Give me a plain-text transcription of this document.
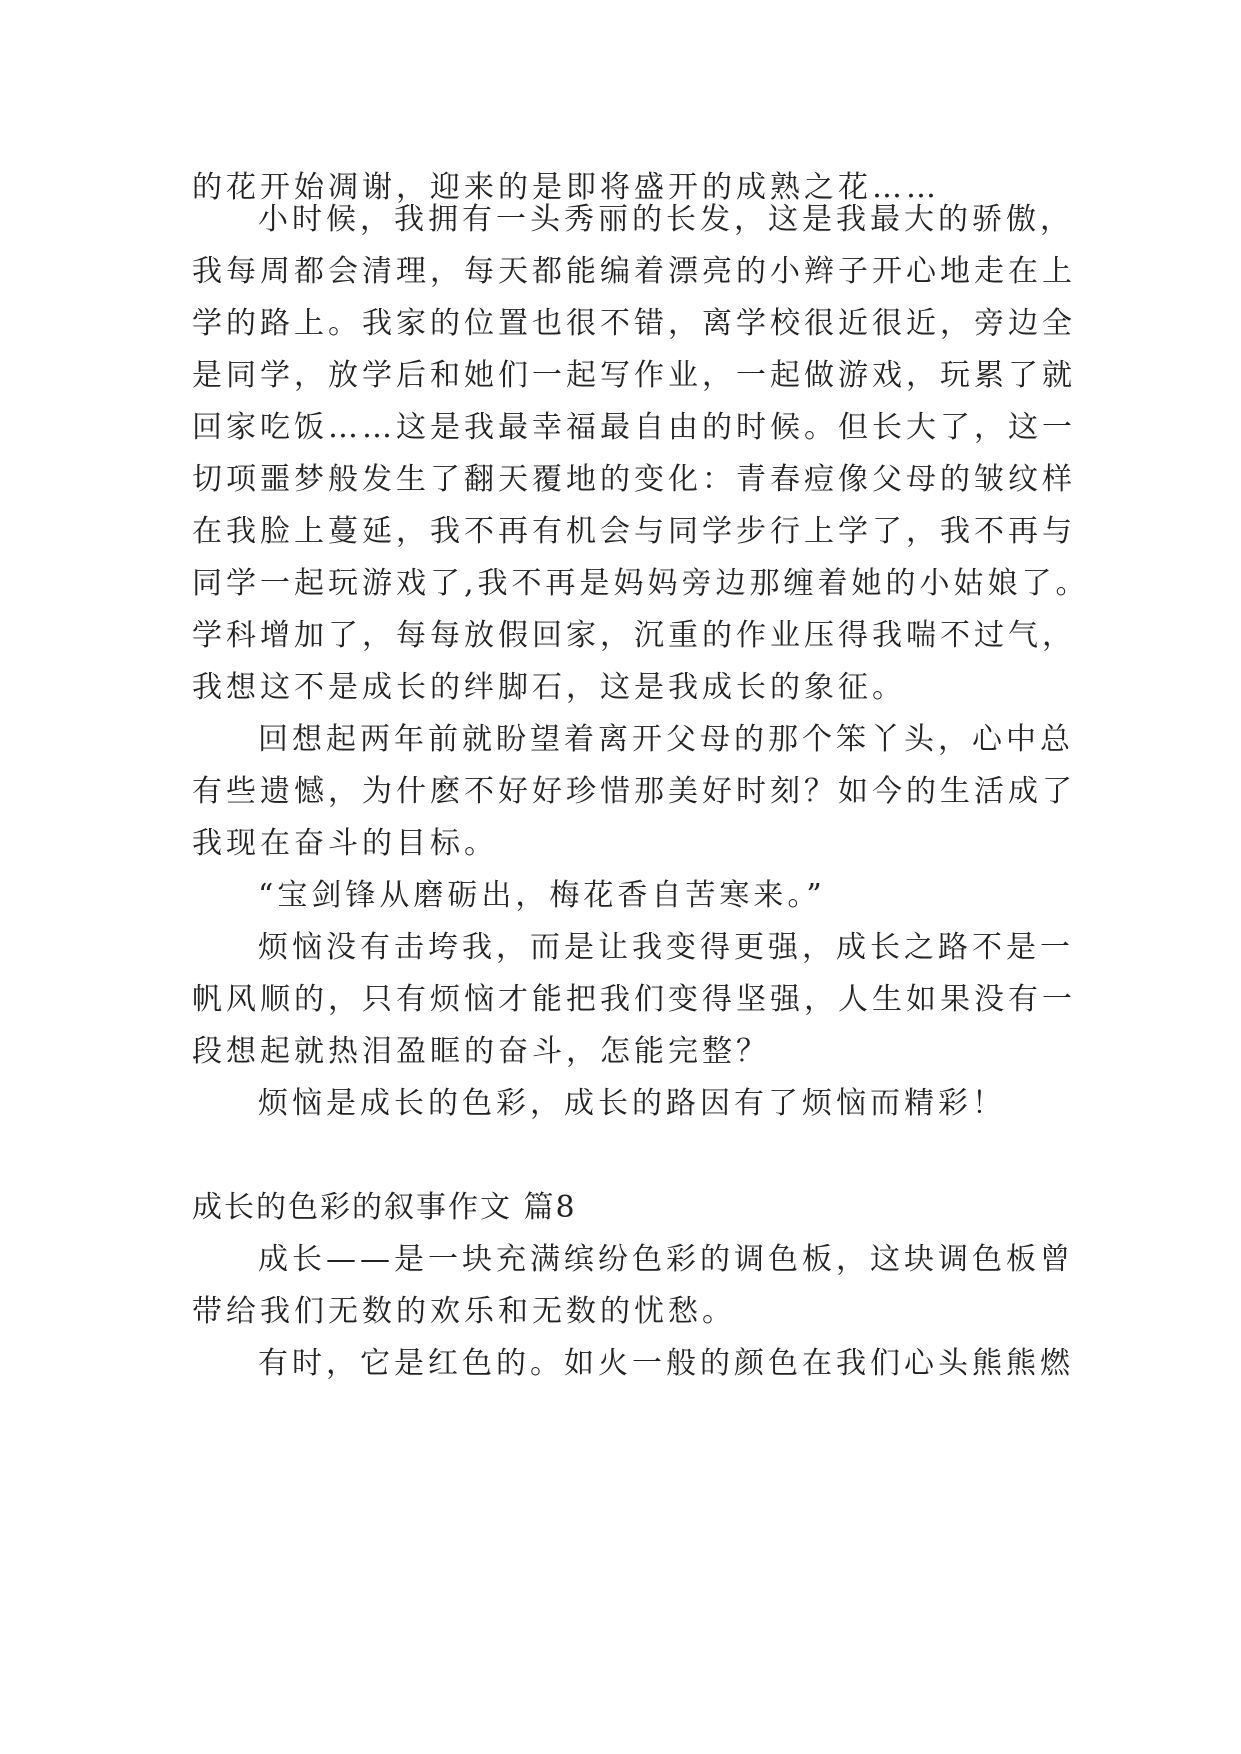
的花开始凋谢，迎来的是即将盛开的成熟之花……
小时候，我拥有一头秀丽的长发，这是我最大的骄傲，
我每周都会清理，每天都能编着漂亮的小辫子开心地走在上
学的路上。我家的位置也很不错，离学校很近很近，旁边全
是同学，放学后和她们一起写作业，一起做游戏，玩累了就
回家吃饭……这是我最幸福最自由的时候。但长大了，这一
切项噩梦般发生了翻天覆地的变化：青春痘像父母的皱纹样
在我脸上蔓延，我不再有机会与同学步行上学了，我不再与
同学一起玩游戏了,我不再是妈妈旁边那缠着她的小姑娘了。
学科增加了，每每放假回家，沉重的作业压得我喘不过气，
我想这不是成长的绊脚石，这是我成长的象征。
回想起两年前就盼望着离开父母的那个笨丫头，心中总
有些遗憾，为什麽不好好珍惜那美好时刻？如今的生活成了
我现在奋斗的目标。
“宝剑锋从磨砺出，梅花香自苦寒来。”
烦恼没有击垮我，而是让我变得更强，成长之路不是一
帆风顺的，只有烦恼才能把我们变得坚强，人生如果没有一
段想起就热泪盈眶的奋斗，怎能完整？
烦恼是成长的色彩，成长的路因有了烦恼而精彩！
成长的色彩的叙事作文 篇8
成长——是一块充满缤纷色彩的调色板，这块调色板曾
带给我们无数的欢乐和无数的忧愁。
有时，它是红色的。如火一般的颜色在我们心头熊熊燃
